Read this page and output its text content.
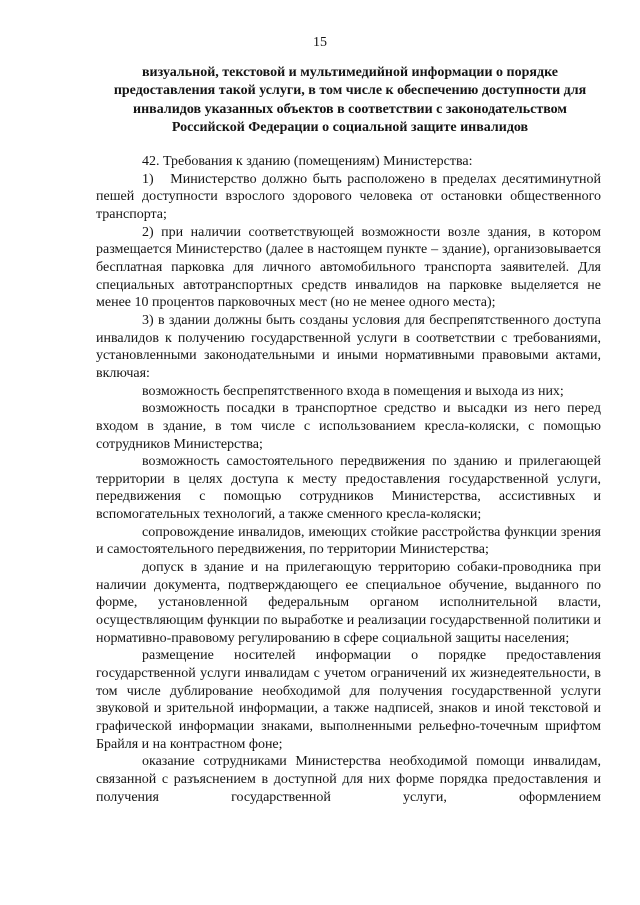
15
визуальной, текстовой и мультимедийной информации о порядке предоставления такой услуги, в том числе к обеспечению доступности для инвалидов указанных объектов в соответствии с законодательством Российской Федерации о социальной защите инвалидов

42. Требования к зданию (помещениям) Министерства:

1)   Министерство должно быть расположено в пределах десятиминутной пешей доступности взрослого здорового человека от остановки общественного транспорта;

2) при наличии соответствующей возможности возле здания, в котором размещается Министерство (далее в настоящем пункте – здание), организовывается бесплатная парковка для личного автомобильного транспорта заявителей. Для специальных автотранспортных средств инвалидов на парковке выделяется не менее 10 процентов парковочных мест (но не менее одного места);

3) в здании должны быть созданы условия для беспрепятственного доступа инвалидов к получению государственной услуги в соответствии с требованиями, установленными законодательными и иными нормативными правовыми актами, включая:

возможность беспрепятственного входа в помещения и выхода из них;

возможность посадки в транспортное средство и высадки из него перед входом в здание, в том числе с использованием кресла-коляски, с помощью сотрудников Министерства;

возможность самостоятельного передвижения по зданию и прилегающей территории в целях доступа к месту предоставления государственной услуги, передвижения с помощью сотрудников Министерства, ассистивных и вспомогательных технологий, а также сменного кресла-коляски;

сопровождение инвалидов, имеющих стойкие расстройства функции зрения и самостоятельного передвижения, по территории Министерства;

допуск в здание и на прилегающую территорию собаки-проводника при наличии документа, подтверждающего ее специальное обучение, выданного по форме, установленной федеральным органом исполнительной власти, осуществляющим функции по выработке и реализации государственной политики и нормативно-правовому регулированию в сфере социальной защиты населения;

размещение носителей информации о порядке предоставления государственной услуги инвалидам с учетом ограничений их жизнедеятельности, в том числе дублирование необходимой для получения государственной услуги звуковой и зрительной информации, а также надписей, знаков и иной текстовой и графической информации знаками, выполненными рельефно-точечным шрифтом Брайля и на контрастном фоне;

оказание сотрудниками Министерства необходимой помощи инвалидам, связанной с разъяснением в доступной для них форме порядка предоставления и получения государственной услуги, оформлением
